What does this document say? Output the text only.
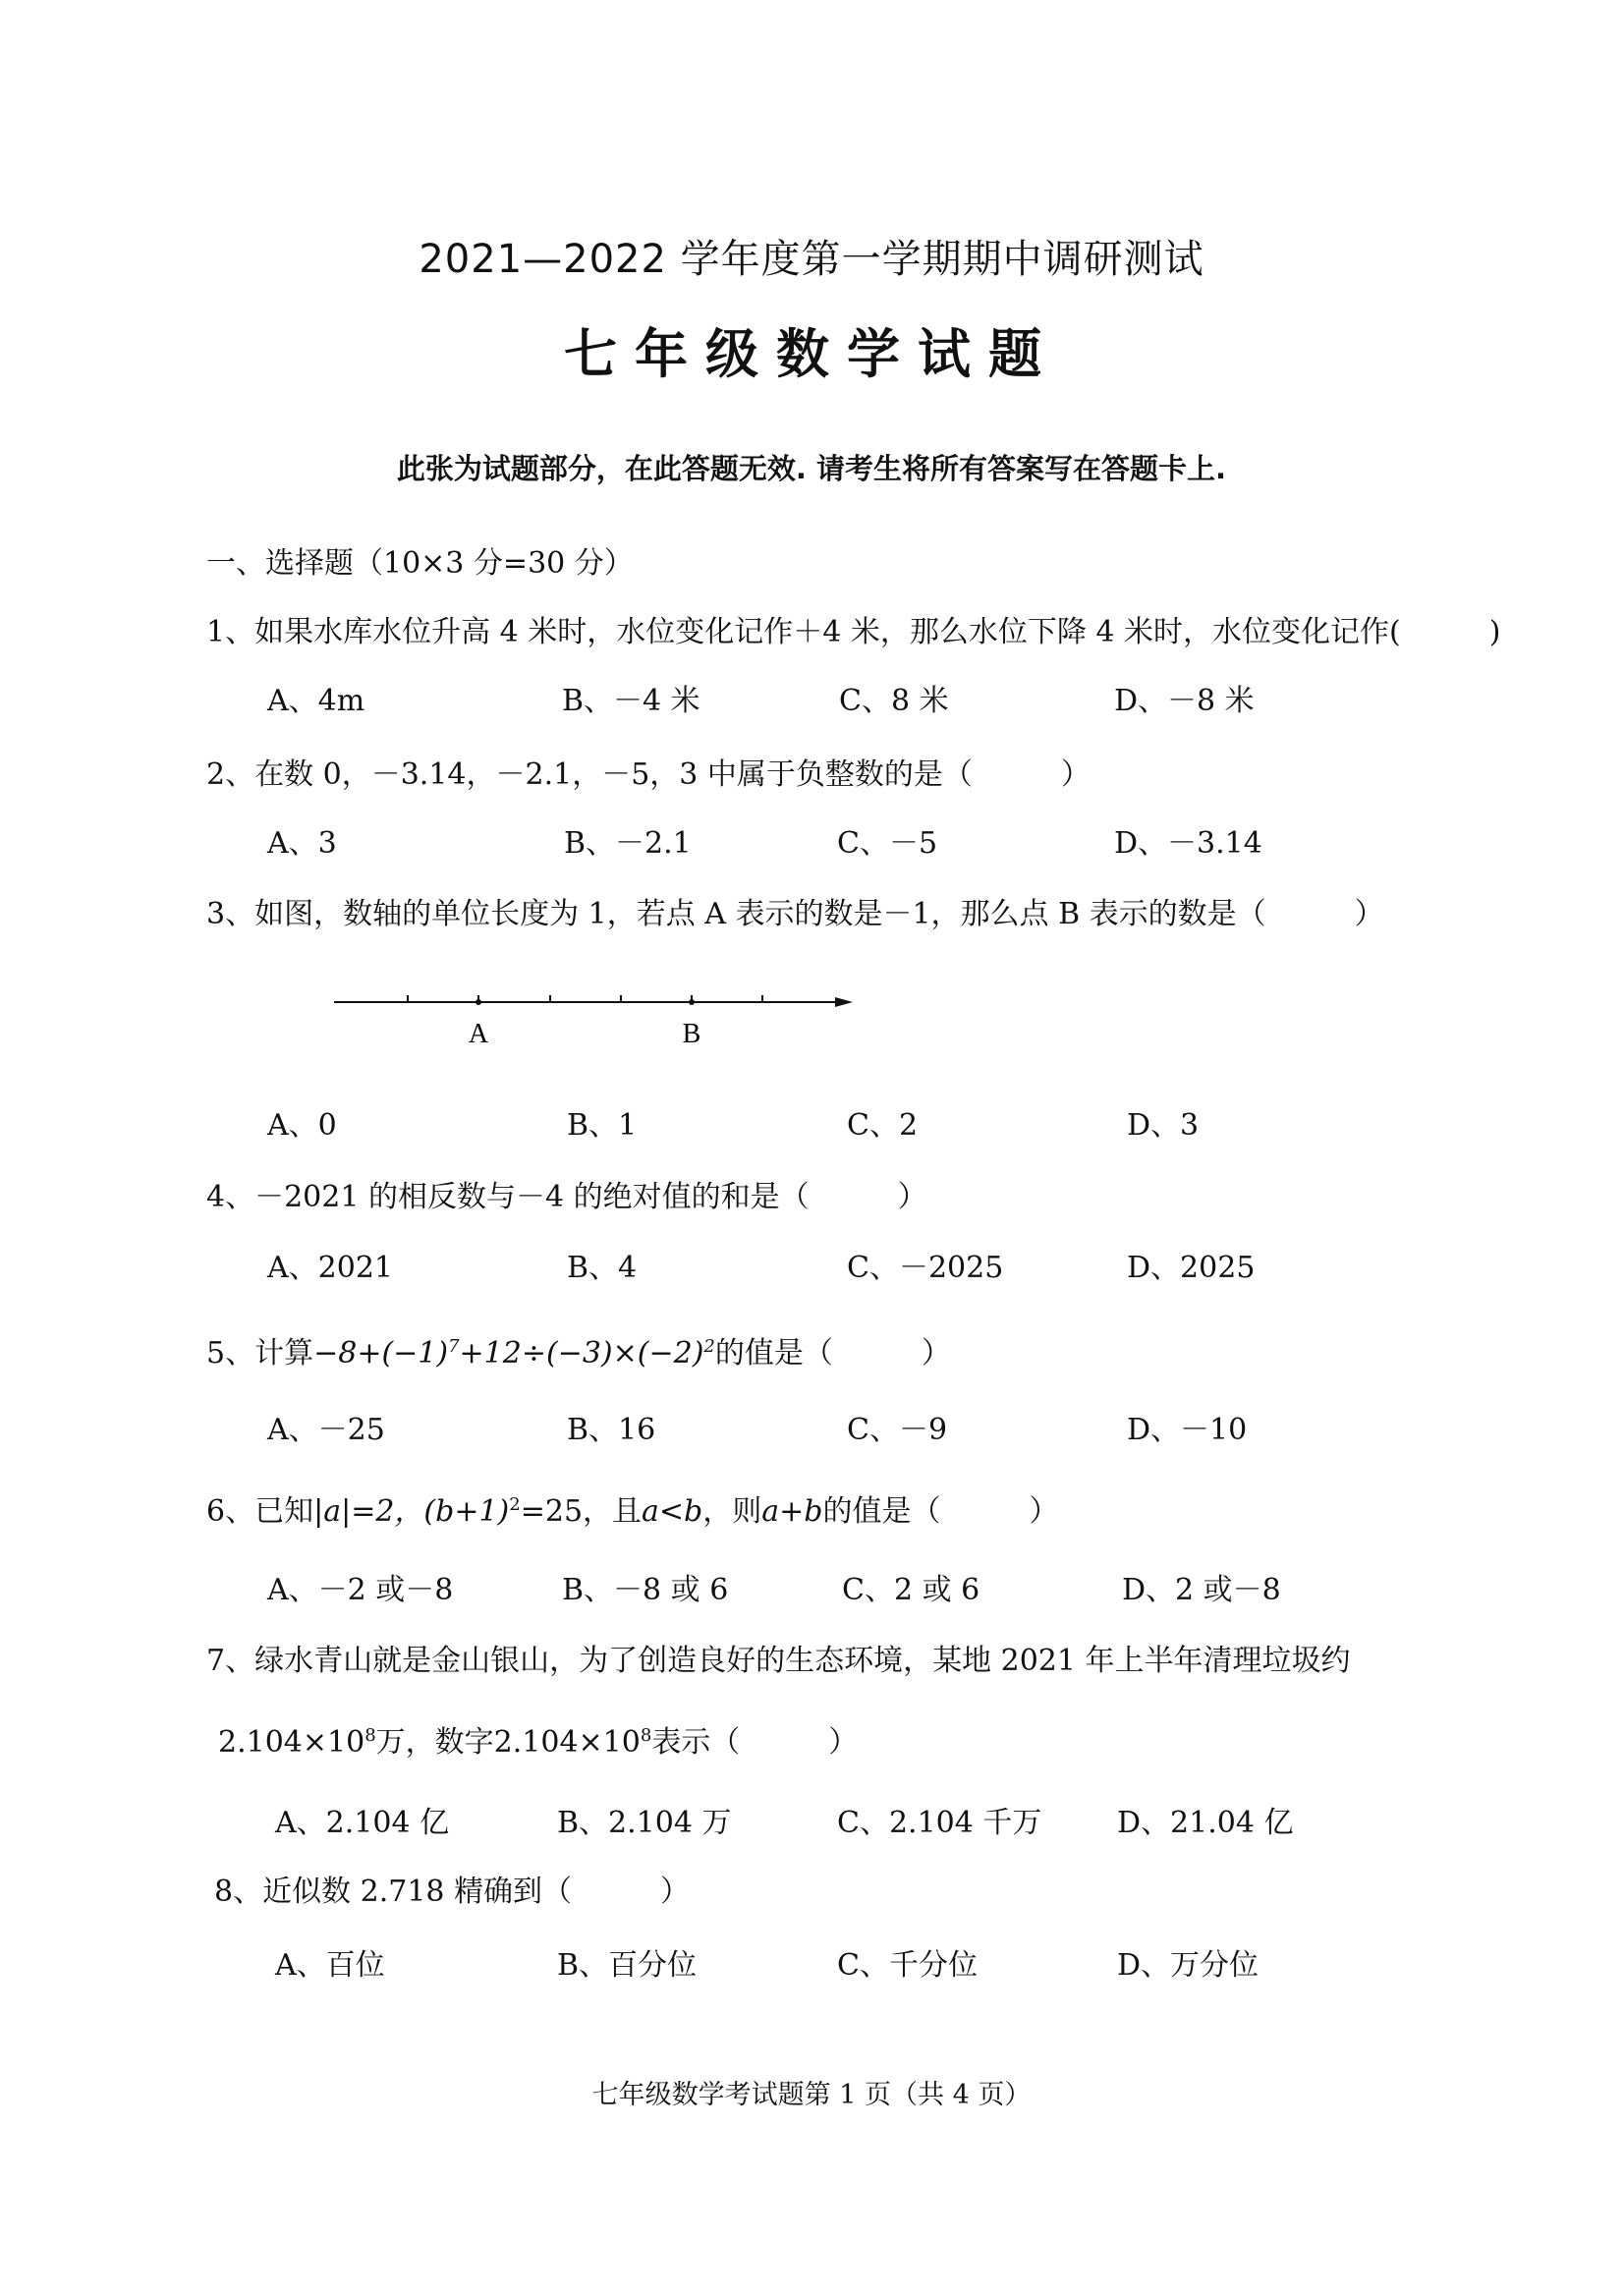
2021—2022 学年度第一学期期中调研测试
七年级数学试题
此张为试题部分，在此答题无效. 请考生将所有答案写在答题卡上.
一、选择题（10×3 分=30 分）
1、如果水库水位升高 4 米时，水位变化记作＋4 米，那么水位下降 4 米时，水位变化记作(　　　)
A、4m	B、－4 米	C、8 米	D、－8 米
2、在数 0，－3.14，－2.1，－5，3 中属于负整数的是（　　　）
A、3	B、－2.1	C、－5	D、－3.14
3、如图，数轴的单位长度为 1，若点 A 表示的数是－1，那么点 B 表示的数是（　　　）
A	B
A、0	B、1	C、2	D、3
4、－2021 的相反数与－4 的绝对值的和是（　　　）
A、2021	B、4	C、－2025	D、2025
5、计算$-8+(-1)^7+12\div(-3)\times(-2)^2$的值是（　　　）
A、－25	B、16	C、－9	D、－10
6、已知|a|=2，$(b+1)^2=25$，且a<b，则a+b的值是（　　　）
A、－2 或－8	B、－8 或 6	C、2 或 6	D、2 或－8
7、绿水青山就是金山银山，为了创造良好的生态环境，某地 2021 年上半年清理垃圾约
$2.104\times 10^8$万，数字$2.104\times 10^8$表示（　　　）
A、2.104 亿	B、2.104 万	C、2.104 千万	D、21.04 亿
8、近似数 2.718 精确到（　　　）
A、百位	B、百分位	C、千分位	D、万分位
七年级数学考试题第 1 页（共 4 页）
